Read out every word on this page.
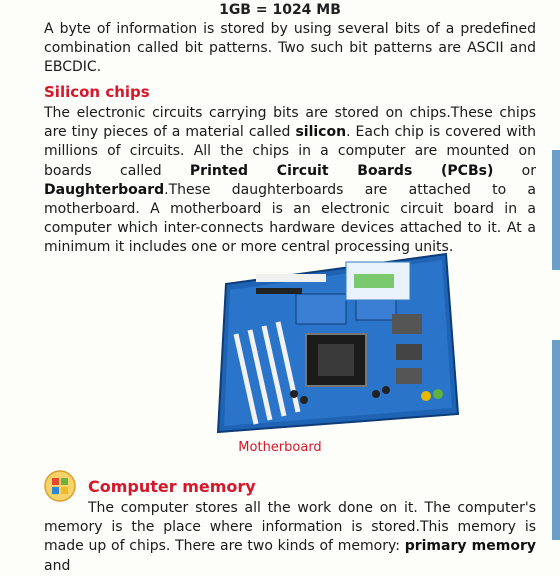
1GB = 1024 MB

A byte of information is stored by using several bits of a predefined combination called bit patterns. Two such bit patterns are ASCII and EBCDIC.

Silicon chips

The electronic circuits carrying bits are stored on chips.These chips are tiny pieces of a material called silicon. Each chip is covered with millions of circuits. All the chips in a computer are mounted on boards called Printed Circuit Boards (PCBs) or Daughterboard.These daughterboards are attached to a motherboard. A motherboard is an electronic circuit board in a computer which inter-connects hardware devices attached to it. At a minimum it includes one or more central processing units.

Motherboard
Computer memory

The computer stores all the work done on it. The computer's memory is the place where information is stored.This memory is made up of chips. There are two kinds of memory: primary memory and
